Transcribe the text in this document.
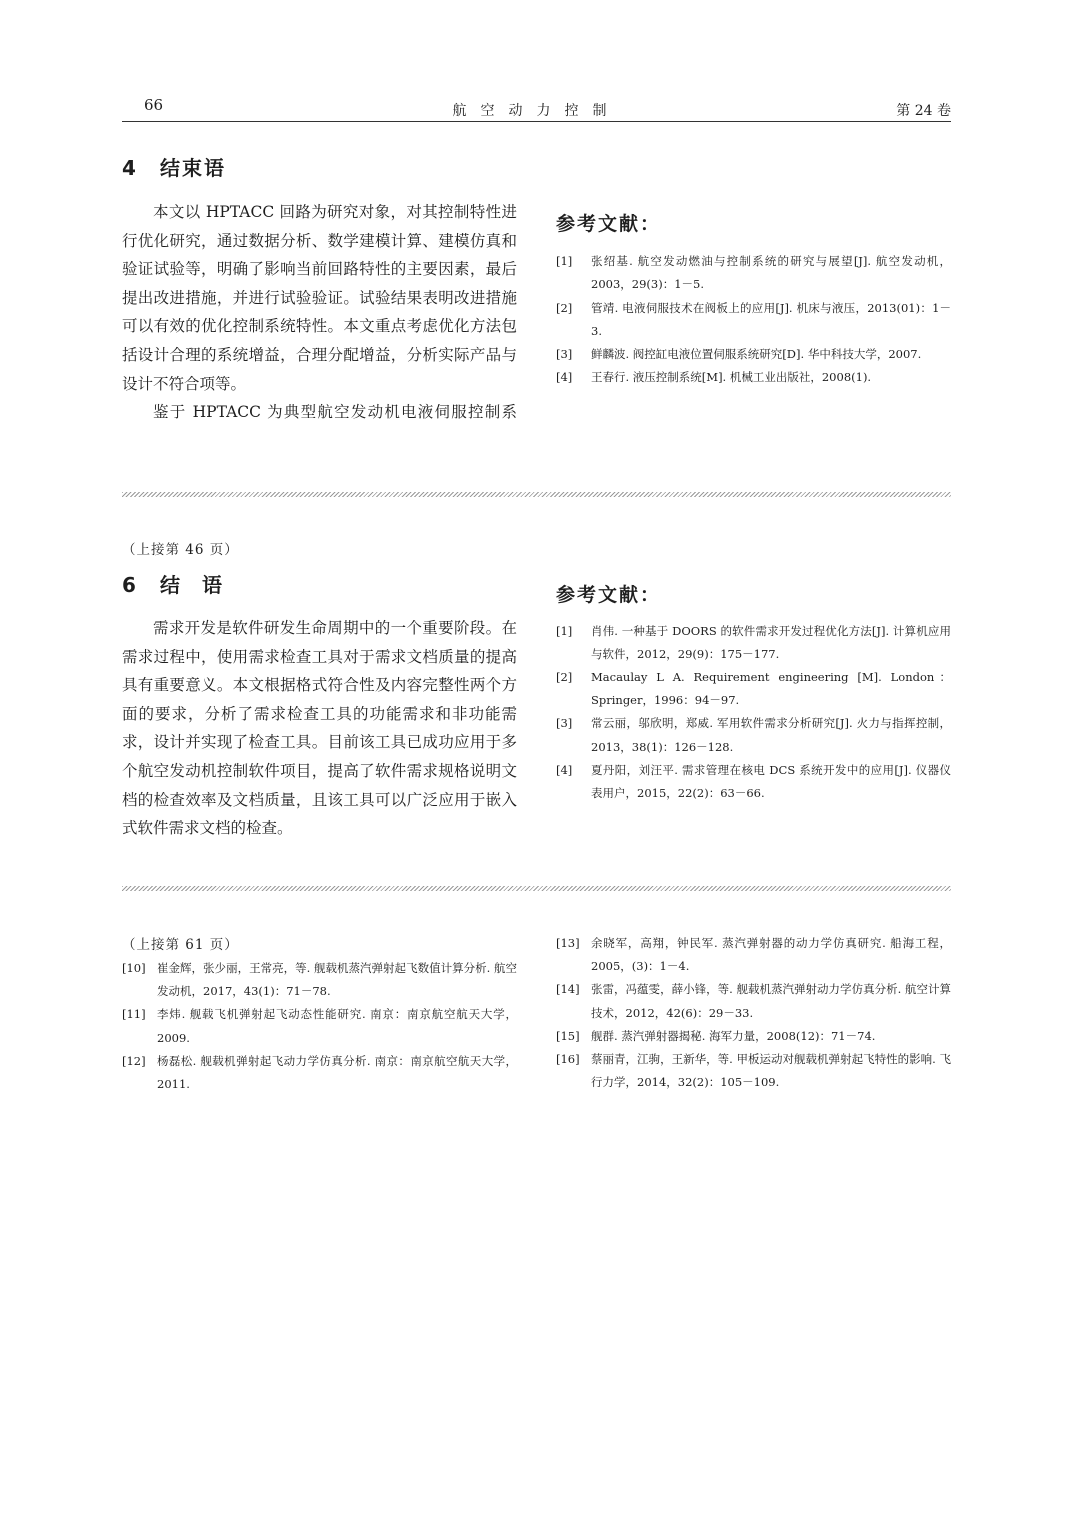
66	航空动力控制	第 24 卷
4 结束语

本文以 HPTACC 回路为研究对象，对其控制特性进行优化研究，通过数据分析、数学建模计算、建模仿真和验证试验等，明确了影响当前回路特性的主要因素，最后提出改进措施，并进行试验验证。试验结果表明改进措施可以有效的优化控制系统特性。本文重点考虑优化方法包括设计合理的系统增益，合理分配增益，分析实际产品与设计不符合项等。

鉴于 HPTACC 为典型航空发动机电液伺服控制系

参考文献：
[1] 张绍基. 航空发动燃油与控制系统的研究与展望[J]. 航空发动机，2003，29(3)：1－5.
[2] 管靖. 电液伺服技术在阀板上的应用[J]. 机床与液压，2013(01)：1－3.
[3] 鲜麟波. 阀控缸电液位置伺服系统研究[D]. 华中科技大学，2007.
[4] 王春行. 液压控制系统[M]. 机械工业出版社，2008(1).

（上接第 46 页）

6 结语

需求开发是软件研发生命周期中的一个重要阶段。在需求过程中，使用需求检查工具对于需求文档质量的提高具有重要意义。本文根据格式符合性及内容完整性两个方面的要求，分析了需求检查工具的功能需求和非功能需求，设计并实现了检查工具。目前该工具已成功应用于多个航空发动机控制软件项目，提高了软件需求规格说明文档的检查效率及文档质量，且该工具可以广泛应用于嵌入式软件需求文档的检查。

参考文献：
[1] 肖伟. 一种基于 DOORS 的软件需求开发过程优化方法[J]. 计算机应用与软件，2012，29(9)：175－177.
[2] Macaulay L A. Requirement engineering [M]. London：Springer，1996：94－97.
[3] 常云丽，邬欣明，郑威. 军用软件需求分析研究[J]. 火力与指挥控制，2013，38(1)：126－128.
[4] 夏丹阳，刘汪平. 需求管理在核电 DCS 系统开发中的应用[J]. 仪器仪表用户，2015，22(2)：63－66.

（上接第 61 页）

[10] 崔金辉，张少丽，王常亮，等. 舰载机蒸汽弹射起飞数值计算分析. 航空发动机，2017，43(1)：71－78.
[11] 李炜. 舰载飞机弹射起飞动态性能研究. 南京：南京航空航天大学，2009.
[12] 杨磊松. 舰载机弹射起飞动力学仿真分析. 南京：南京航空航天大学，2011.
[13] 余晓军，高翔，钟民军. 蒸汽弹射器的动力学仿真研究. 船海工程，2005，(3)：1－4.
[14] 张雷，冯蕴雯，薛小锋，等. 舰载机蒸汽弹射动力学仿真分析. 航空计算技术，2012，42(6)：29－33.
[15] 舰群. 蒸汽弹射器揭秘. 海军力量，2008(12)：71－74.
[16] 蔡丽青，江驹，王新华，等. 甲板运动对舰载机弹射起飞特性的影响. 飞行力学，2014，32(2)：105－109.
